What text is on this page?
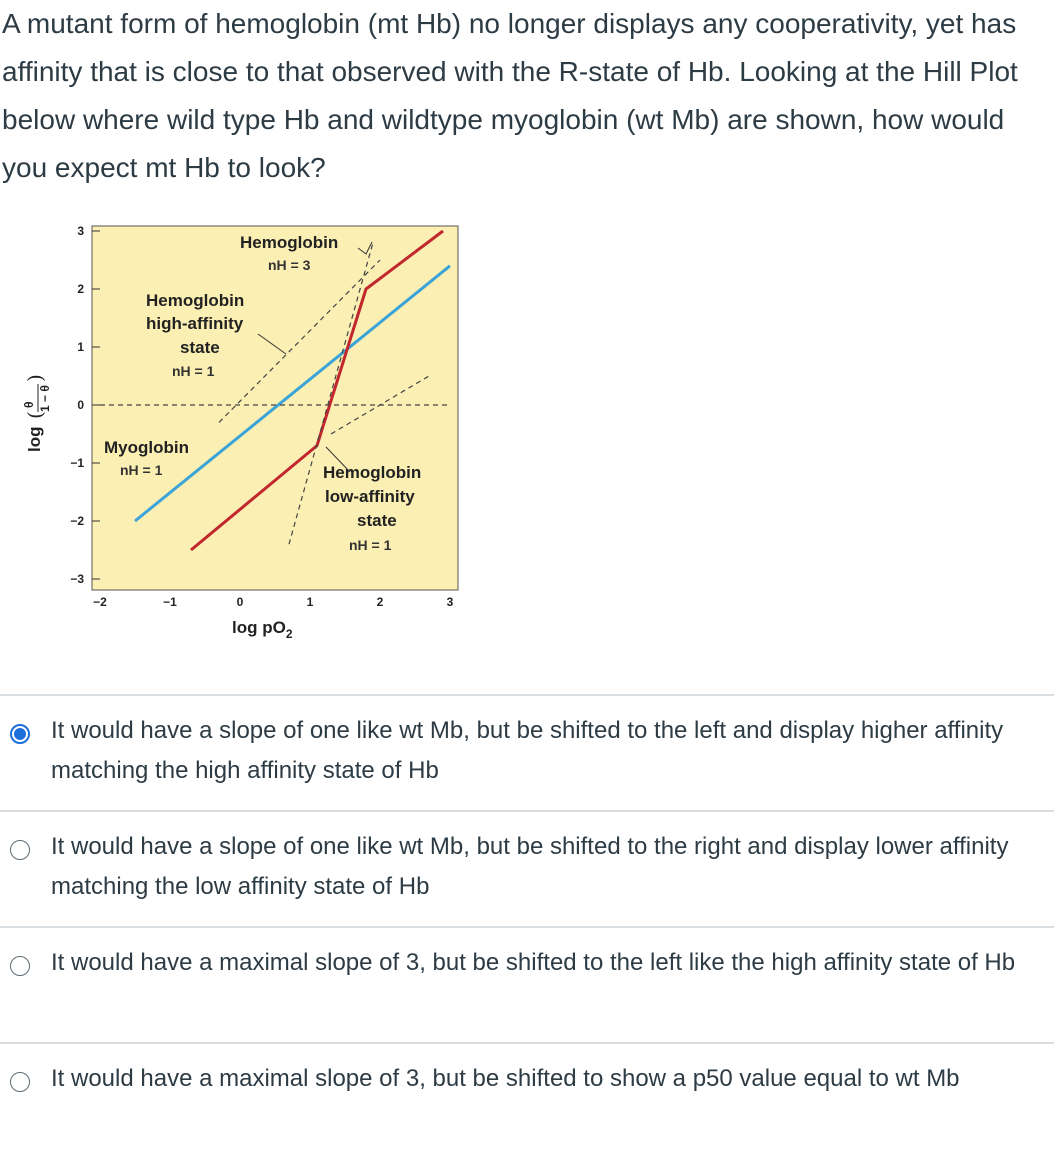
A mutant form of hemoglobin (mt Hb) no longer displays any cooperativity, yet has affinity that is close to that observed with the R-state of Hb. Looking at the Hill Plot below where wild type Hb and wildtype myoglobin (wt Mb) are shown, how would you expect mt Hb to look?
−2	−1	0	1	2	3
3
2
1
0
−1
−2
−3
Hemoglobin
nH = 3
Hemoglobin
high-affinity
state
nH = 1
Myoglobin
nH = 1	Hemoglobin
low-affinity
state
nH = 1
log
(
θ 1 − θ
)
$\log pO_2$
It would have a slope of one like wt Mb, but be shifted to the left and display higher affinity matching the high affinity state of Hb
It would have a slope of one like wt Mb, but be shifted to the right and display lower affinity matching the low affinity state of Hb
It would have a maximal slope of 3, but be shifted to the left like the high affinity state of Hb
It would have a maximal slope of 3, but be shifted to show a p50 value equal to wt Mb
